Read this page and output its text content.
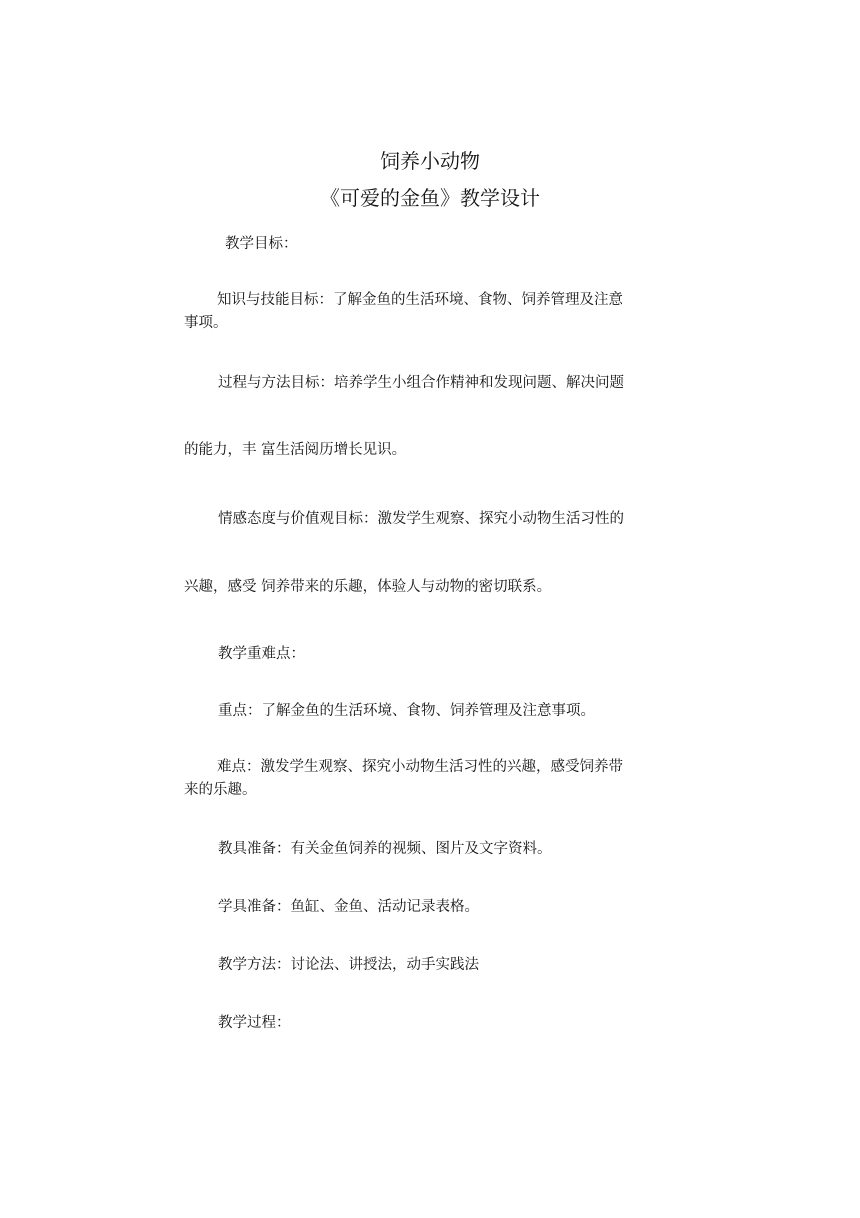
饲养小动物
《可爱的金鱼》教学设计
教学目标：
知识与技能目标：了解金鱼的生活环境、食物、饲养管理及注意
事项。
过程与方法目标：培养学生小组合作精神和发现问题、解决问题
的能力，丰 富生活阅历增长见识。
情感态度与价值观目标：激发学生观察、探究小动物生活习性的
兴趣，感受 饲养带来的乐趣，体验人与动物的密切联系。
教学重难点：
重点：了解金鱼的生活环境、食物、饲养管理及注意事项。
难点：激发学生观察、探究小动物生活习性的兴趣，感受饲养带
来的乐趣。
教具准备：有关金鱼饲养的视频、图片及文字资料。
学具准备：鱼缸、金鱼、活动记录表格。
教学方法：讨论法、讲授法，动手实践法
教学过程：
